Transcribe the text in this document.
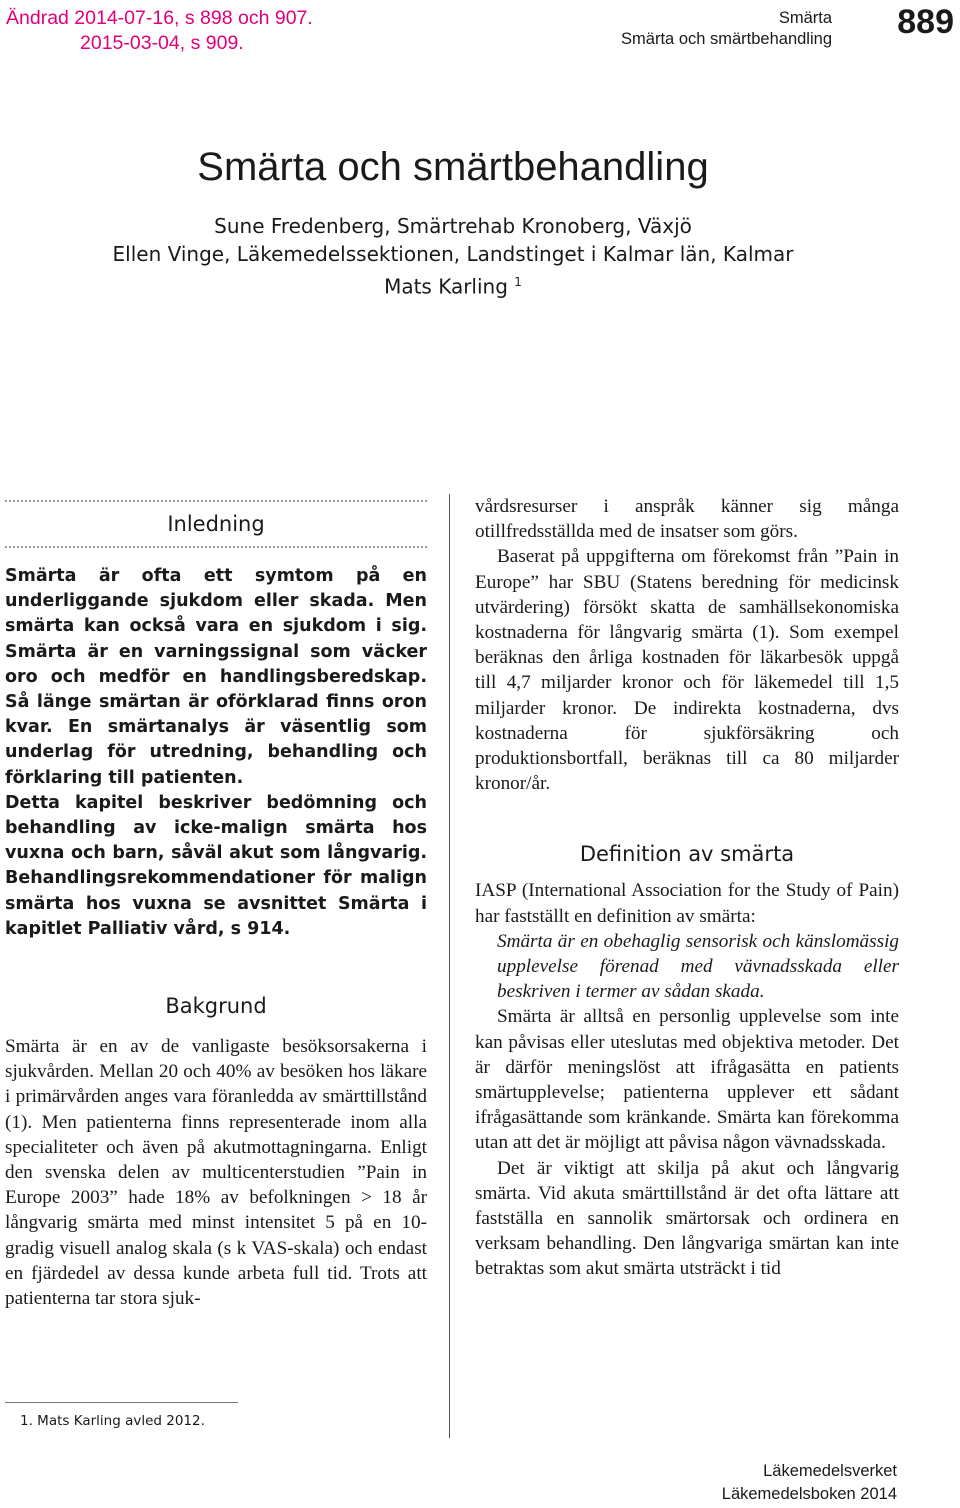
Ändrad 2014-07-16, s 898 och 907.
2015-03-04, s 909.
Smärta
Smärta och smärtbehandling 889
Smärta och smärtbehandling
Sune Fredenberg, Smärtrehab Kronoberg, Växjö
Ellen Vinge, Läkemedelssektionen, Landstinget i Kalmar län, Kalmar
Mats Karling $^1$
Inledning

Smärta är ofta ett symtom på en underliggande sjukdom eller skada. Men smärta kan också vara en sjukdom i sig. Smärta är en varningssignal som väcker oro och medför en handlingsberedskap. Så länge smärtan är oförklarad finns oron kvar. En smärtanalys är väsentlig som underlag för utredning, behandling och förklaring till patienten.

Detta kapitel beskriver bedömning och behandling av icke-malign smärta hos vuxna och barn, såväl akut som långvarig. Behandlingsrekommendationer för malign smärta hos vuxna se avsnittet Smärta i kapitlet Palliativ vård, s 914.

Bakgrund

Smärta är en av de vanligaste besöksorsakerna i sjukvården. Mellan 20 och 40% av besöken hos läkare i primärvården anges vara föranledda av smärttillstånd (1). Men patienterna finns representerade inom alla specialiteter och även på akutmottagningarna. Enligt den svenska delen av multicenterstudien ”Pain in Europe 2003” hade 18% av befolkningen > 18 år långvarig smärta med minst intensitet 5 på en 10-gradig visuell analog skala (s k VAS-skala) och endast en fjärdedel av dessa kunde arbeta full tid. Trots att patienterna tar stora sjuk-

vårdsresurser i anspråk känner sig många otillfredsställda med de insatser som görs.

Baserat på uppgifterna om förekomst från ”Pain in Europe” har SBU (Statens beredning för medicinsk utvärdering) försökt skatta de samhällsekonomiska kostnaderna för långvarig smärta (1). Som exempel beräknas den årliga kostnaden för läkarbesök uppgå till 4,7 miljarder kronor och för läkemedel till 1,5 miljarder kronor. De indirekta kostnaderna, dvs kostnaderna för sjukförsäkring och produktionsbortfall, beräknas till ca 80 miljarder kronor/år.

Definition av smärta

IASP (International Association for the Study of Pain) har fastställt en definition av smärta:

Smärta är en obehaglig sensorisk och känslomässig upplevelse förenad med vävnadsskada eller beskriven i termer av sådan skada.

Smärta är alltså en personlig upplevelse som inte kan påvisas eller uteslutas med objektiva metoder. Det är därför meningslöst att ifrågasätta en patients smärtupplevelse; patienterna upplever ett sådant ifrågasättande som kränkande. Smärta kan förekomma utan att det är möjligt att påvisa någon vävnadsskada.

Det är viktigt att skilja på akut och långvarig smärta. Vid akuta smärttillstånd är det ofta lättare att fastställa en sannolik smärtorsak och ordinera en verksam behandling. Den långvariga smärtan kan inte betraktas som akut smärta utsträckt i tid

1. Mats Karling avled 2012.
Läkemedelsverket
Läkemedelsboken 2014
